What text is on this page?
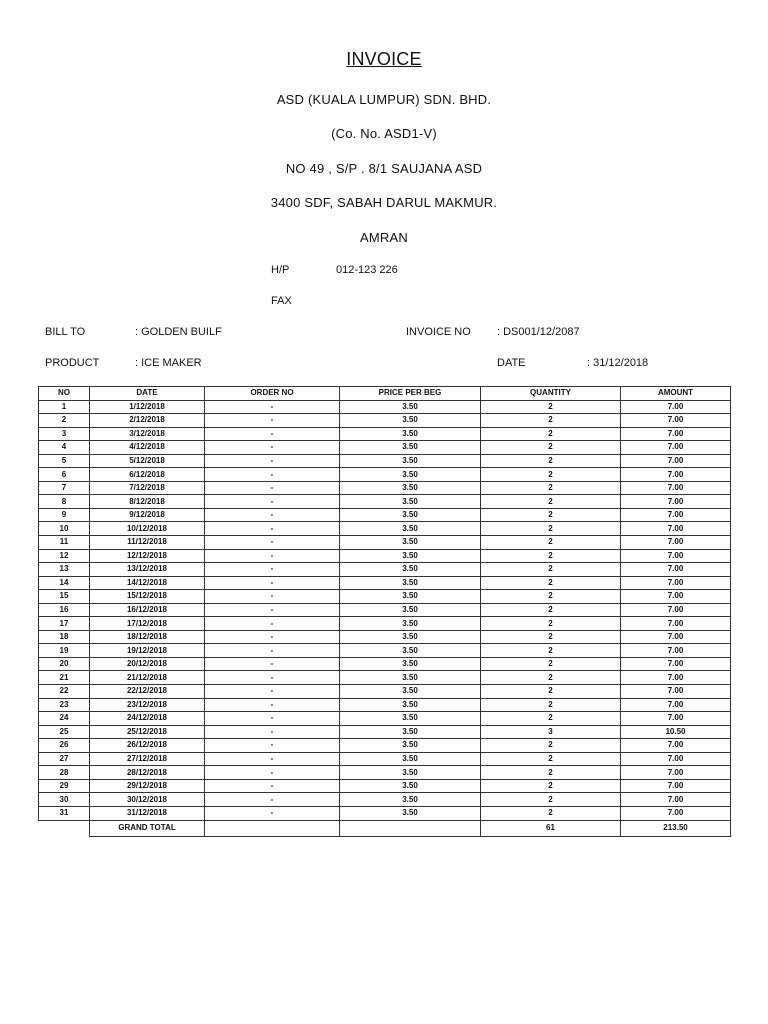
INVOICE
ASD (KUALA LUMPUR) SDN. BHD.
(Co. No. ASD1-V)
NO 49 , S/P . 8/1 SAUJANA ASD
3400 SDF, SABAH DARUL MAKMUR.
AMRAN
H/P	012-123 226
FAX
BILL TO	: GOLDEN BUILF	INVOICE NO : DS001/12/2087
PRODUCT	: ICE MAKER	DATE	: 31/12/2018
NO	DATE	ORDER NO	PRICE PER BEG	QUANTITY	AMOUNT
1	1/12/2018	-	3.50	2	7.00
2	2/12/2018	-	3.50	2	7.00
3	3/12/2018	-	3.50	2	7.00
4	4/12/2018	-	3.50	2	7.00
5	5/12/2018	-	3.50	2	7.00
6	6/12/2018	-	3.50	2	7.00
7	7/12/2018	-	3.50	2	7.00
8	8/12/2018	-	3.50	2	7.00
9	9/12/2018	-	3.50	2	7.00
10	10/12/2018	-	3.50	2	7.00
11	11/12/2018	-	3.50	2	7.00
12	12/12/2018	-	3.50	2	7.00
13	13/12/2018	-	3.50	2	7.00
14	14/12/2018	-	3.50	2	7.00
15	15/12/2018	-	3.50	2	7.00
16	16/12/2018	-	3.50	2	7.00
17	17/12/2018	-	3.50	2	7.00
18	18/12/2018	-	3.50	2	7.00
19	19/12/2018	-	3.50	2	7.00
20	20/12/2018	-	3.50	2	7.00
21	21/12/2018	-	3.50	2	7.00
22	22/12/2018	-	3.50	2	7.00
23	23/12/2018	-	3.50	2	7.00
24	24/12/2018	-	3.50	2	7.00
25	25/12/2018	-	3.50	3	10.50
26	26/12/2018	-	3.50	2	7.00
27	27/12/2018	-	3.50	2	7.00
28	28/12/2018	-	3.50	2	7.00
29	29/12/2018	-	3.50	2	7.00
30	30/12/2018	-	3.50	2	7.00
31	31/12/2018	-	3.50	2	7.00
	GRAND TOTAL			61	213.50
